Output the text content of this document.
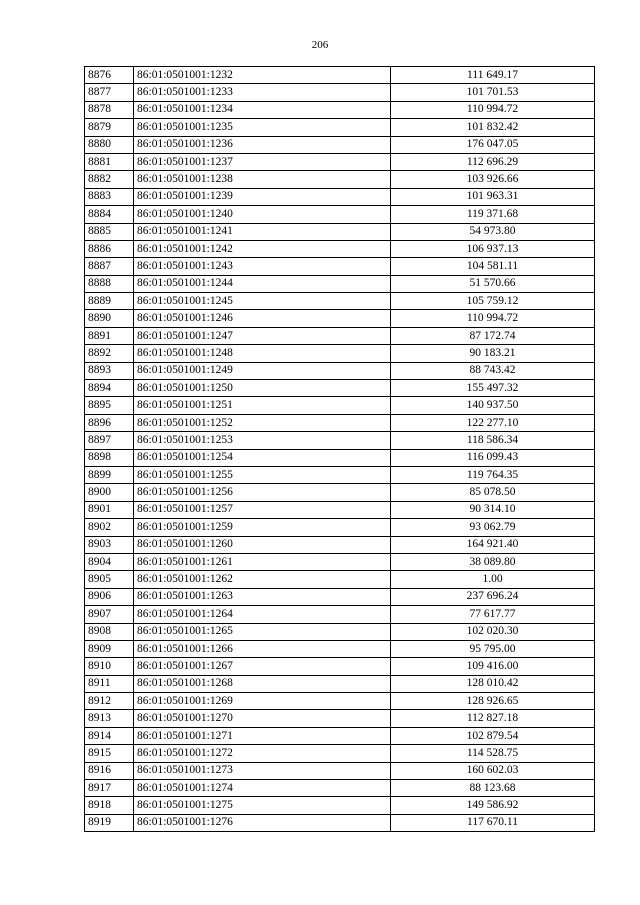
206
8876	86:01:0501001:1232	111 649.17
8877	86:01:0501001:1233	101 701.53
8878	86:01:0501001:1234	110 994.72
8879	86:01:0501001:1235	101 832.42
8880	86:01:0501001:1236	176 047.05
8881	86:01:0501001:1237	112 696.29
8882	86:01:0501001:1238	103 926.66
8883	86:01:0501001:1239	101 963.31
8884	86:01:0501001:1240	119 371.68
8885	86:01:0501001:1241	54 973.80
8886	86:01:0501001:1242	106 937.13
8887	86:01:0501001:1243	104 581.11
8888	86:01:0501001:1244	51 570.66
8889	86:01:0501001:1245	105 759.12
8890	86:01:0501001:1246	110 994.72
8891	86:01:0501001:1247	87 172.74
8892	86:01:0501001:1248	90 183.21
8893	86:01:0501001:1249	88 743.42
8894	86:01:0501001:1250	155 497.32
8895	86:01:0501001:1251	140 937.50
8896	86:01:0501001:1252	122 277.10
8897	86:01:0501001:1253	118 586.34
8898	86:01:0501001:1254	116 099.43
8899	86:01:0501001:1255	119 764.35
8900	86:01:0501001:1256	85 078.50
8901	86:01:0501001:1257	90 314.10
8902	86:01:0501001:1259	93 062.79
8903	86:01:0501001:1260	164 921.40
8904	86:01:0501001:1261	38 089.80
8905	86:01:0501001:1262	1.00
8906	86:01:0501001:1263	237 696.24
8907	86:01:0501001:1264	77 617.77
8908	86:01:0501001:1265	102 020.30
8909	86:01:0501001:1266	95 795.00
8910	86:01:0501001:1267	109 416.00
8911	86:01:0501001:1268	128 010.42
8912	86:01:0501001:1269	128 926.65
8913	86:01:0501001:1270	112 827.18
8914	86:01:0501001:1271	102 879.54
8915	86:01:0501001:1272	114 528.75
8916	86:01:0501001:1273	160 602.03
8917	86:01:0501001:1274	88 123.68
8918	86:01:0501001:1275	149 586.92
8919	86:01:0501001:1276	117 670.11
